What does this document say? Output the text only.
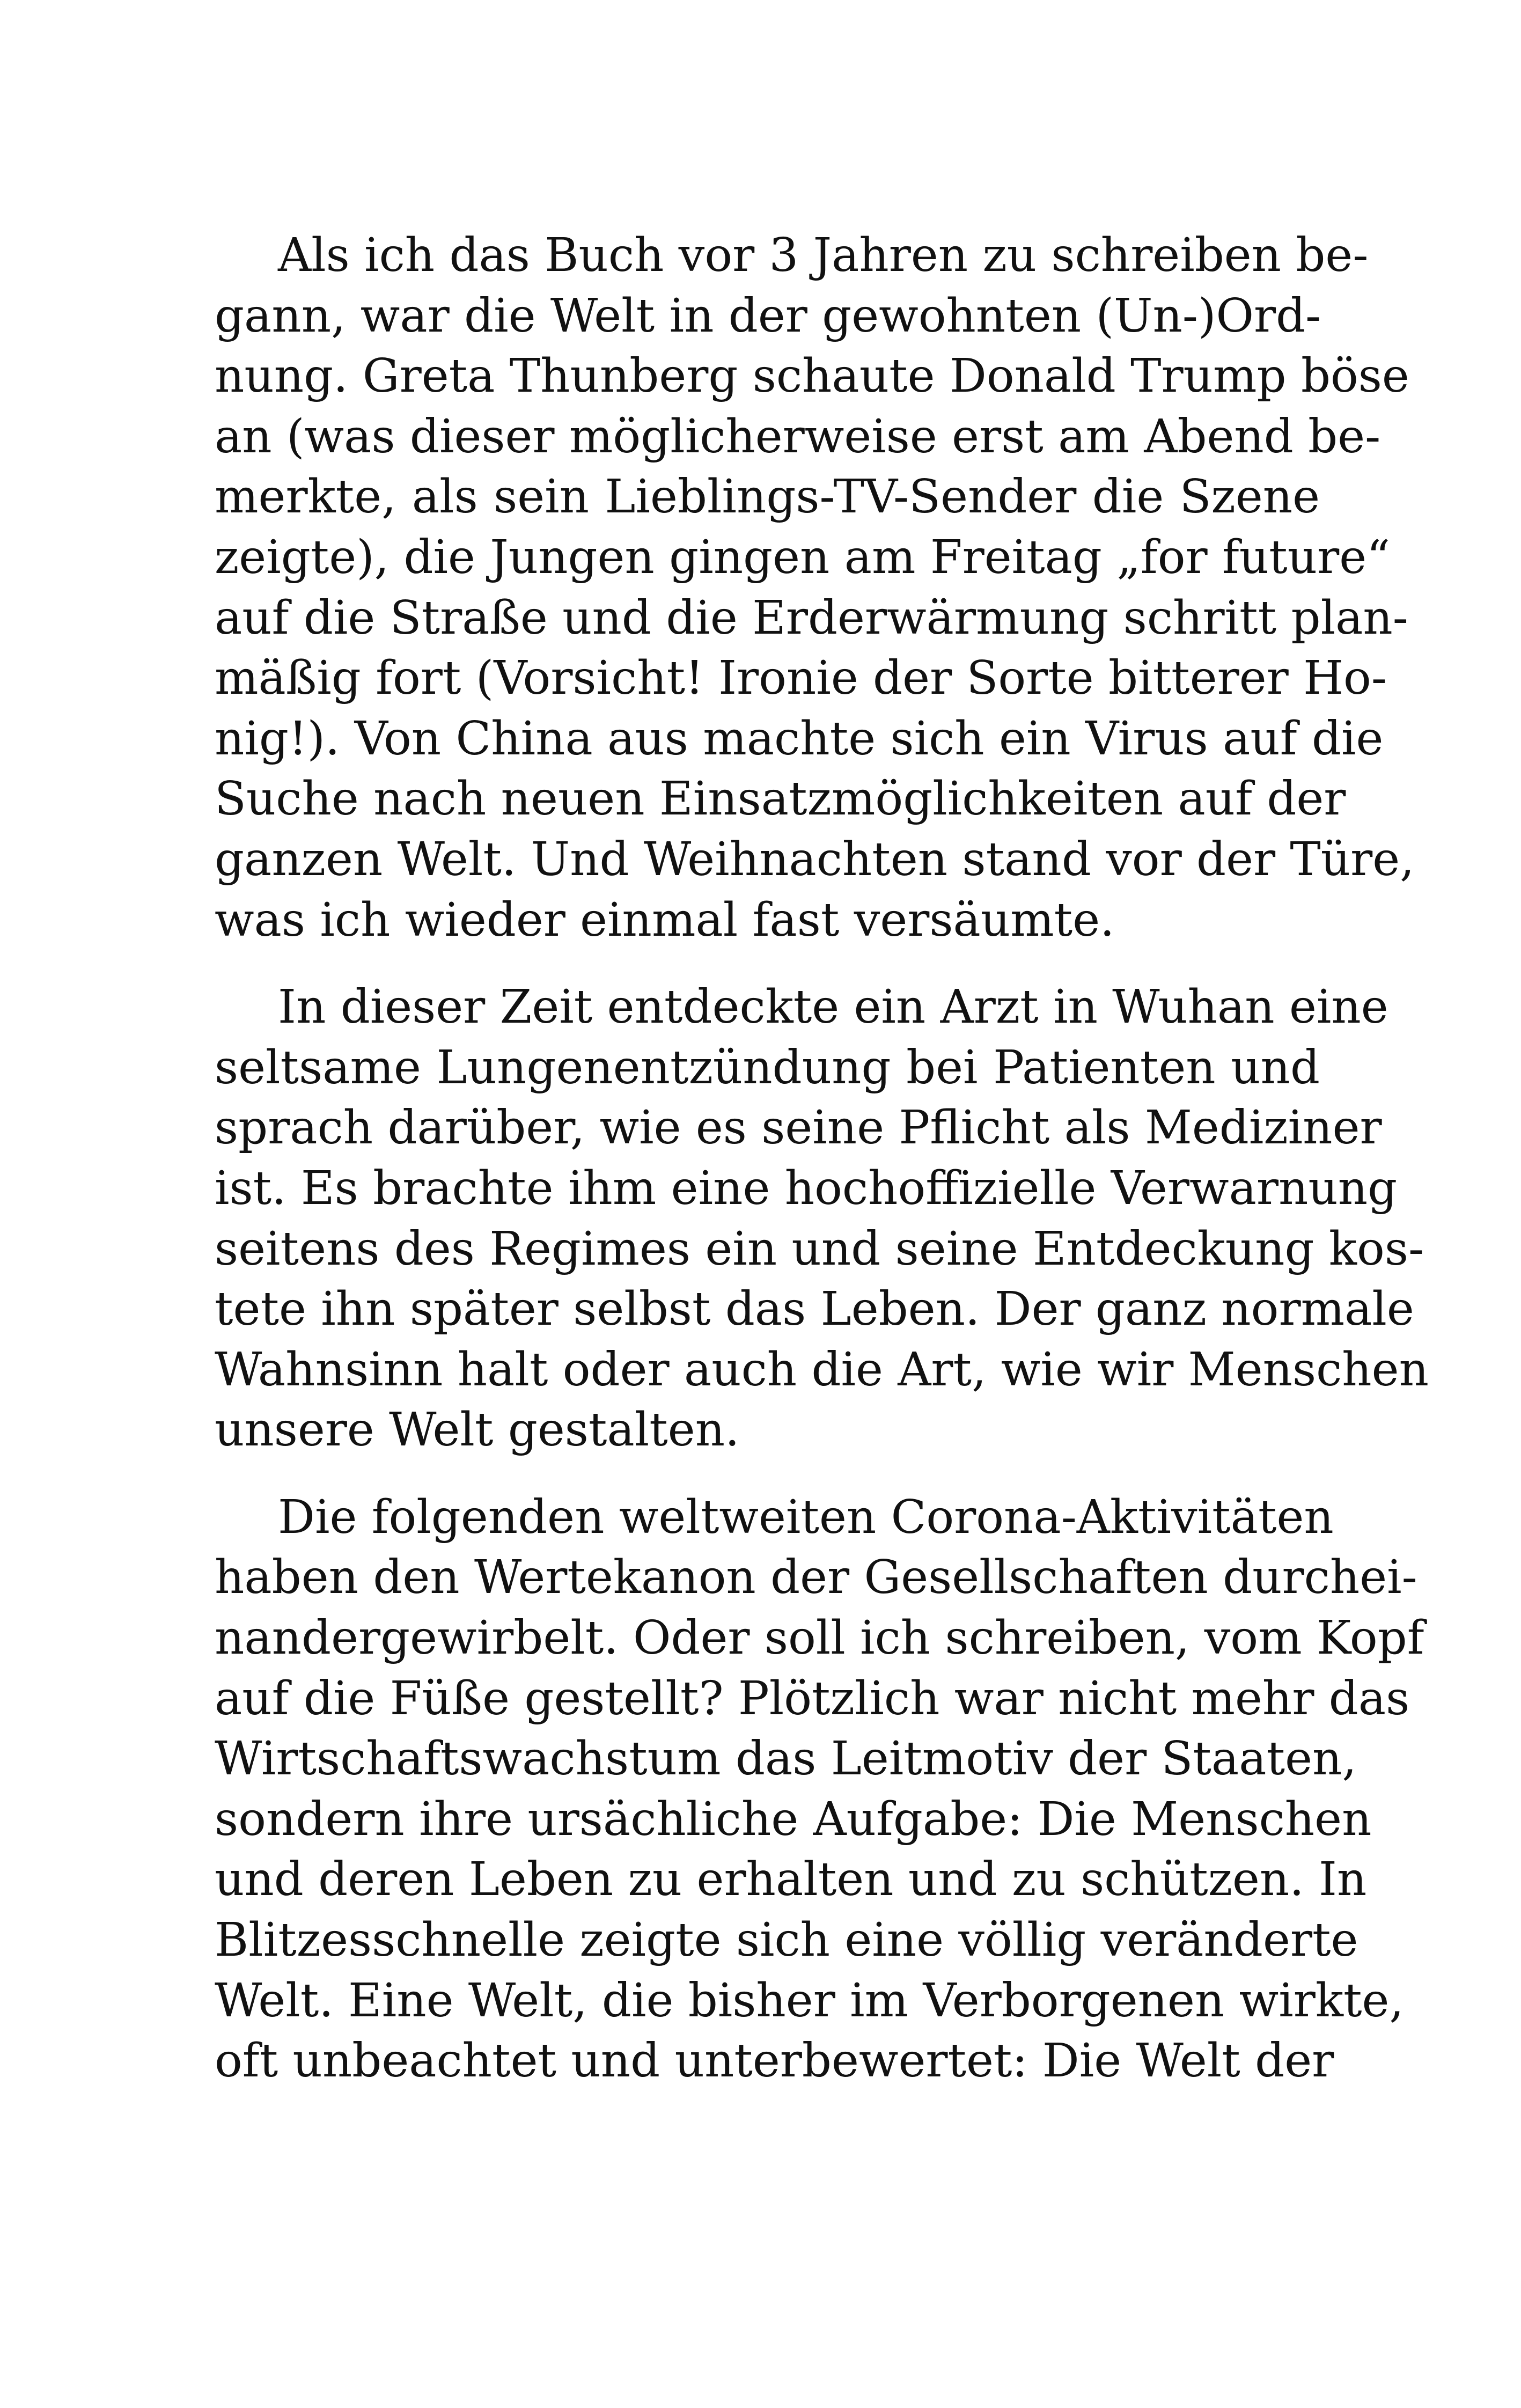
Als ich das Buch vor 3 Jahren zu schreiben be-
gann, war die Welt in der gewohnten (Un-)Ord-
nung. Greta Thunberg schaute Donald Trump böse
an (was dieser möglicherweise erst am Abend be-
merkte, als sein Lieblings-TV-Sender die Szene
zeigte), die Jungen gingen am Freitag „for future“
auf die Straße und die Erderwärmung schritt plan-
mäßig fort (Vorsicht! Ironie der Sorte bitterer Ho-
nig!). Von China aus machte sich ein Virus auf die
Suche nach neuen Einsatzmöglichkeiten auf der
ganzen Welt. Und Weihnachten stand vor der Türe,
was ich wieder einmal fast versäumte.

In dieser Zeit entdeckte ein Arzt in Wuhan eine
seltsame Lungenentzündung bei Patienten und
sprach darüber, wie es seine Pflicht als Mediziner
ist. Es brachte ihm eine hochoffizielle Verwarnung
seitens des Regimes ein und seine Entdeckung kos-
tete ihn später selbst das Leben. Der ganz normale
Wahnsinn halt oder auch die Art, wie wir Menschen
unsere Welt gestalten.

Die folgenden weltweiten Corona-Aktivitäten
haben den Wertekanon der Gesellschaften durchei-
nandergewirbelt. Oder soll ich schreiben, vom Kopf
auf die Füße gestellt? Plötzlich war nicht mehr das
Wirtschaftswachstum das Leitmotiv der Staaten,
sondern ihre ursächliche Aufgabe: Die Menschen
und deren Leben zu erhalten und zu schützen. In
Blitzesschnelle zeigte sich eine völlig veränderte
Welt. Eine Welt, die bisher im Verborgenen wirkte,
oft unbeachtet und unterbewertet: Die Welt der
